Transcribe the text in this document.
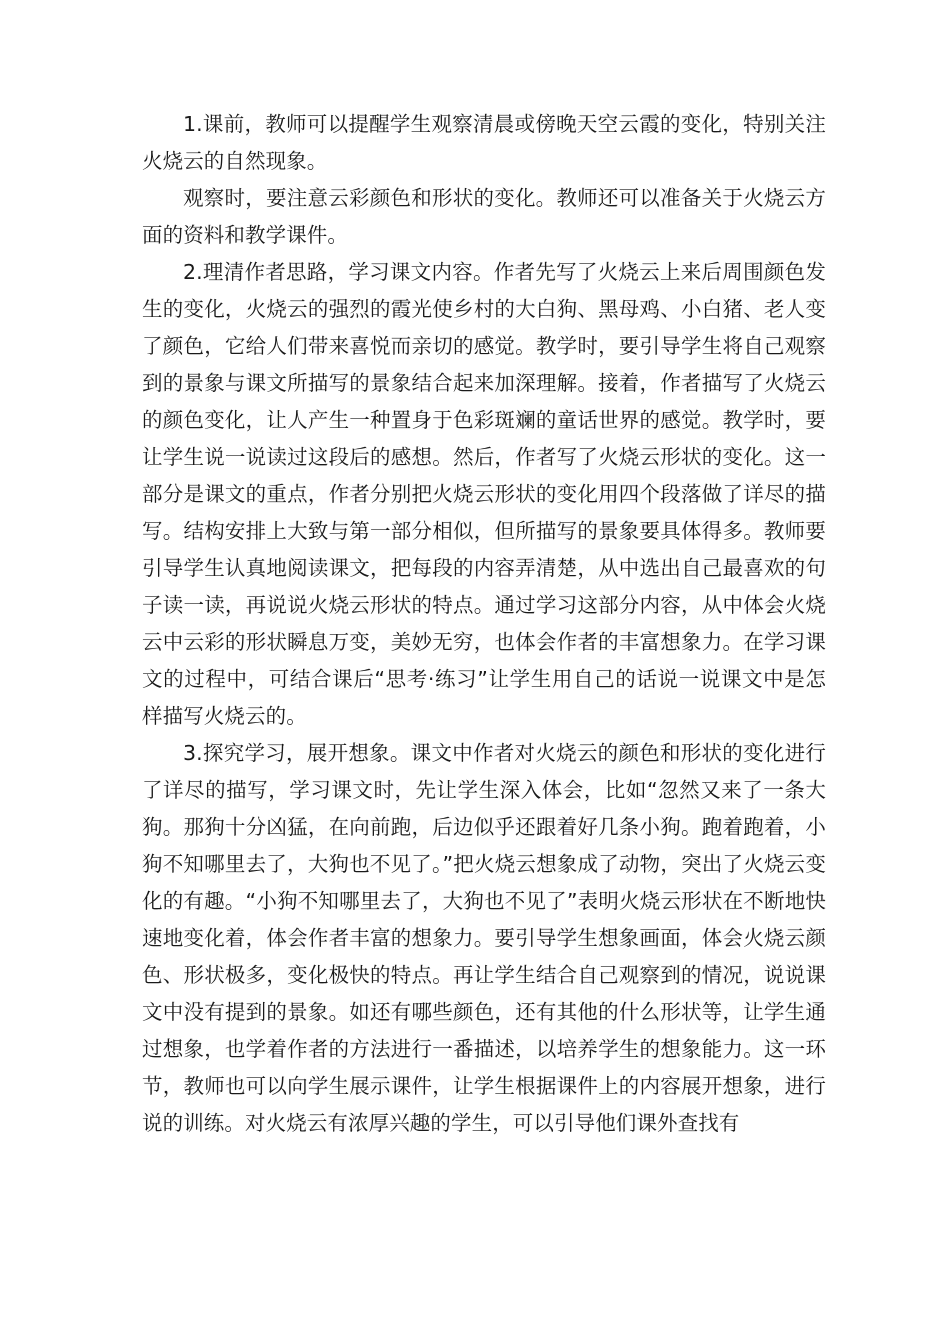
1.课前，教师可以提醒学生观察清晨或傍晚天空云霞的变化，特别关注火烧云的自然现象。

观察时，要注意云彩颜色和形状的变化。教师还可以准备关于火烧云方面的资料和教学课件。

2.理清作者思路，学习课文内容。作者先写了火烧云上来后周围颜色发生的变化，火烧云的强烈的霞光使乡村的大白狗、黑母鸡、小白猪、老人变了颜色，它给人们带来喜悦而亲切的感觉。教学时，要引导学生将自己观察到的景象与课文所描写的景象结合起来加深理解。接着，作者描写了火烧云的颜色变化，让人产生一种置身于色彩斑斓的童话世界的感觉。教学时，要让学生说一说读过这段后的感想。然后，作者写了火烧云形状的变化。这一部分是课文的重点，作者分别把火烧云形状的变化用四个段落做了详尽的描写。结构安排上大致与第一部分相似，但所描写的景象要具体得多。教师要引导学生认真地阅读课文，把每段的内容弄清楚，从中选出自己最喜欢的句子读一读，再说说火烧云形状的特点。通过学习这部分内容，从中体会火烧云中云彩的形状瞬息万变，美妙无穷，也体会作者的丰富想象力。在学习课文的过程中，可结合课后“思考·练习”让学生用自己的话说一说课文中是怎样描写火烧云的。

3.探究学习，展开想象。课文中作者对火烧云的颜色和形状的变化进行了详尽的描写，学习课文时，先让学生深入体会，比如“忽然又来了一条大狗。那狗十分凶猛，在向前跑，后边似乎还跟着好几条小狗。跑着跑着，小狗不知哪里去了，大狗也不见了。”把火烧云想象成了动物，突出了火烧云变化的有趣。“小狗不知哪里去了，大狗也不见了”表明火烧云形状在不断地快速地变化着，体会作者丰富的想象力。要引导学生想象画面，体会火烧云颜色、形状极多，变化极快的特点。再让学生结合自己观察到的情况，说说课文中没有提到的景象。如还有哪些颜色，还有其他的什么形状等，让学生通过想象，也学着作者的方法进行一番描述，以培养学生的想象能力。这一环节，教师也可以向学生展示课件，让学生根据课件上的内容展开想象，进行说的训练。对火烧云有浓厚兴趣的学生，可以引导他们课外查找有
